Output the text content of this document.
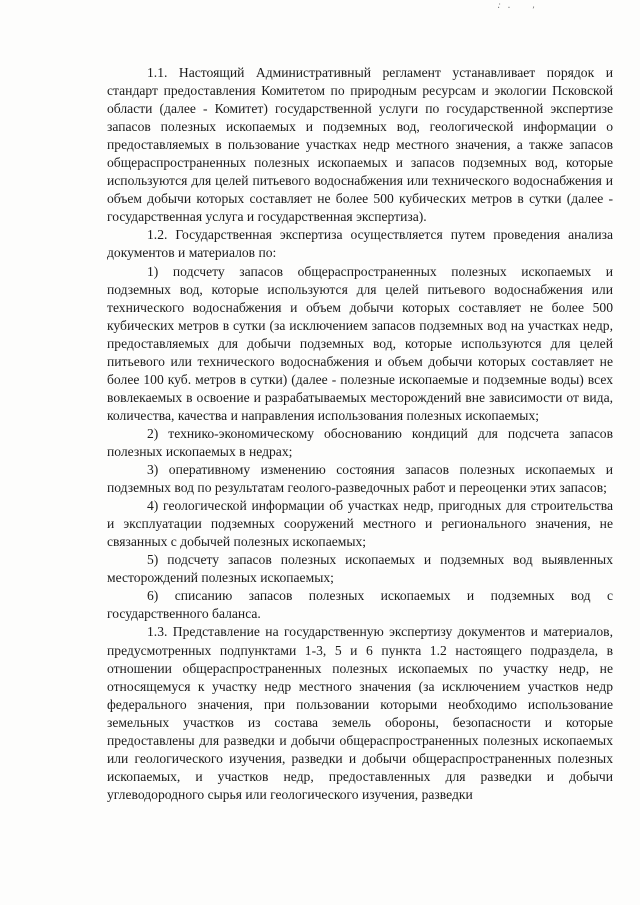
·͘ · ʼ

1.1. Настоящий Административный регламент устанавливает порядок и стандарт предоставления Комитетом по природным ресурсам и экологии Псковской области (далее - Комитет) государственной услуги по государственной экспертизе запасов полезных ископаемых и подземных вод, геологической информации о предоставляемых в пользование участках недр местного значения, а также запасов общераспространенных полезных ископаемых и запасов подземных вод, которые используются для целей питьевого водоснабжения или технического водоснабжения и объем добычи которых составляет не более 500 кубических метров в сутки (далее - государственная услуга и государственная экспертиза).

1.2. Государственная экспертиза осуществляется путем проведения анализа документов и материалов по:

1) подсчету запасов общераспространенных полезных ископаемых и подземных вод, которые используются для целей питьевого водоснабжения или технического водоснабжения и объем добычи которых составляет не более 500 кубических метров в сутки (за исключением запасов подземных вод на участках недр, предоставляемых для добычи подземных вод, которые используются для целей питьевого или технического водоснабжения и объем добычи которых составляет не более 100 куб. метров в сутки) (далее - полезные ископаемые и подземные воды) всех вовлекаемых в освоение и разрабатываемых месторождений вне зависимости от вида, количества, качества и направления использования полезных ископаемых;

2) технико-экономическому обоснованию кондиций для подсчета запасов полезных ископаемых в недрах;

3) оперативному изменению состояния запасов полезных ископаемых и подземных вод по результатам геолого-разведочных работ и переоценки этих запасов;

4) геологической информации об участках недр, пригодных для строительства и эксплуатации подземных сооружений местного и регионального значения, не связанных с добычей полезных ископаемых;

5) подсчету запасов полезных ископаемых и подземных вод выявленных месторождений полезных ископаемых;

6) списанию запасов полезных ископаемых и подземных вод с государственного баланса.

1.3. Представление на государственную экспертизу документов и материалов, предусмотренных подпунктами 1-3, 5 и 6 пункта 1.2 настоящего подраздела, в отношении общераспространенных полезных ископаемых по участку недр, не относящемуся к участку недр местного значения (за исключением участков недр федерального значения, при пользовании которыми необходимо использование земельных участков из состава земель обороны, безопасности и которые предоставлены для разведки и добычи общераспространенных полезных ископаемых или геологического изучения, разведки и добычи общераспространенных полезных ископаемых, и участков недр, предоставленных для разведки и добычи углеводородного сырья или геологического изучения, разведки
